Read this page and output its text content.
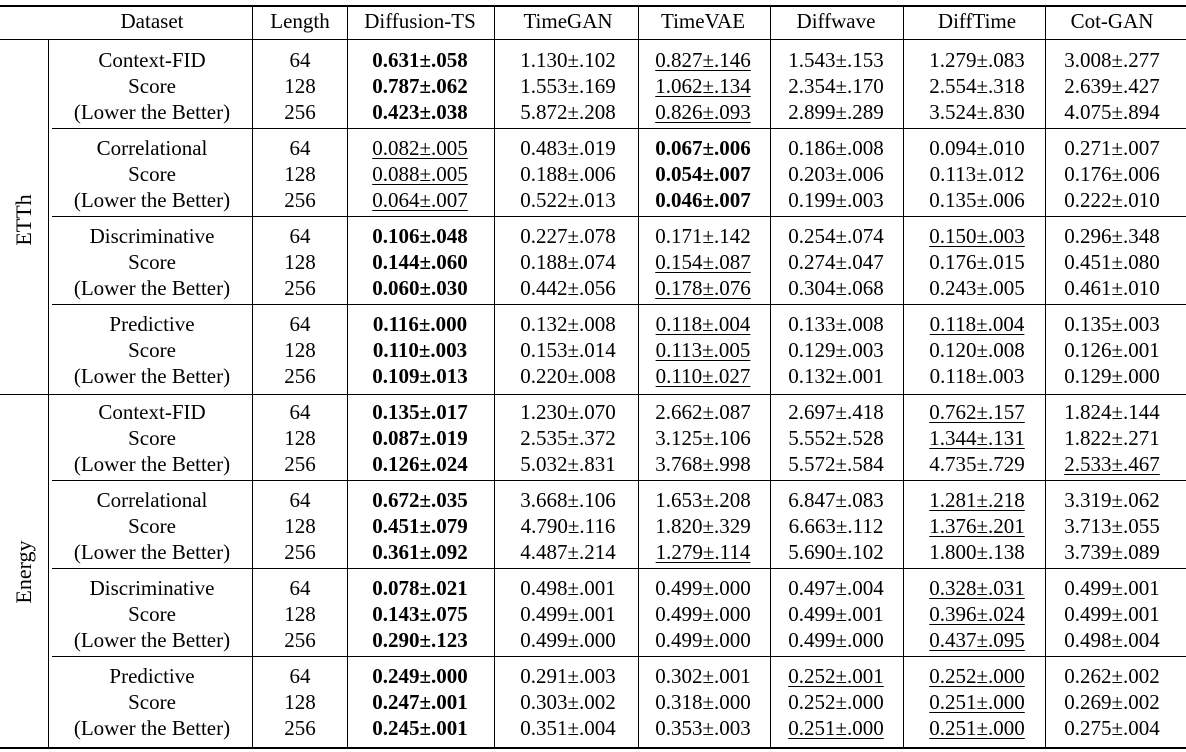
Dataset	Length	Diffusion-TS	TimeGAN	TimeVAE	Diffwave	DiffTime	Cot-GAN
ETTh
Context-FID
Score
(Lower the Better)
64	0.631±.058	1.130±.102	0.827±.146	1.543±.153	1.279±.083	3.008±.277
128	0.787±.062	1.553±.169	1.062±.134	2.354±.170	2.554±.318	2.639±.427
256	0.423±.038	5.872±.208	0.826±.093	2.899±.289	3.524±.830	4.075±.894
Correlational
Score
(Lower the Better)
64	0.082±.005	0.483±.019	0.067±.006	0.186±.008	0.094±.010	0.271±.007
128	0.088±.005	0.188±.006	0.054±.007	0.203±.006	0.113±.012	0.176±.006
256	0.064±.007	0.522±.013	0.046±.007	0.199±.003	0.135±.006	0.222±.010
Discriminative
Score
(Lower the Better)
64	0.106±.048	0.227±.078	0.171±.142	0.254±.074	0.150±.003	0.296±.348
128	0.144±.060	0.188±.074	0.154±.087	0.274±.047	0.176±.015	0.451±.080
256	0.060±.030	0.442±.056	0.178±.076	0.304±.068	0.243±.005	0.461±.010
Predictive
Score
(Lower the Better)
64	0.116±.000	0.132±.008	0.118±.004	0.133±.008	0.118±.004	0.135±.003
128	0.110±.003	0.153±.014	0.113±.005	0.129±.003	0.120±.008	0.126±.001
256	0.109±.013	0.220±.008	0.110±.027	0.132±.001	0.118±.003	0.129±.000
Energy
Context-FID
Score
(Lower the Better)
64	0.135±.017	1.230±.070	2.662±.087	2.697±.418	0.762±.157	1.824±.144
128	0.087±.019	2.535±.372	3.125±.106	5.552±.528	1.344±.131	1.822±.271
256	0.126±.024	5.032±.831	3.768±.998	5.572±.584	4.735±.729	2.533±.467
Correlational
Score
(Lower the Better)
64	0.672±.035	3.668±.106	1.653±.208	6.847±.083	1.281±.218	3.319±.062
128	0.451±.079	4.790±.116	1.820±.329	6.663±.112	1.376±.201	3.713±.055
256	0.361±.092	4.487±.214	1.279±.114	5.690±.102	1.800±.138	3.739±.089
Discriminative
Score
(Lower the Better)
64	0.078±.021	0.498±.001	0.499±.000	0.497±.004	0.328±.031	0.499±.001
128	0.143±.075	0.499±.001	0.499±.000	0.499±.001	0.396±.024	0.499±.001
256	0.290±.123	0.499±.000	0.499±.000	0.499±.000	0.437±.095	0.498±.004
Predictive
Score
(Lower the Better)
64	0.249±.000	0.291±.003	0.302±.001	0.252±.001	0.252±.000	0.262±.002
128	0.247±.001	0.303±.002	0.318±.000	0.252±.000	0.251±.000	0.269±.002
256	0.245±.001	0.351±.004	0.353±.003	0.251±.000	0.251±.000	0.275±.004
